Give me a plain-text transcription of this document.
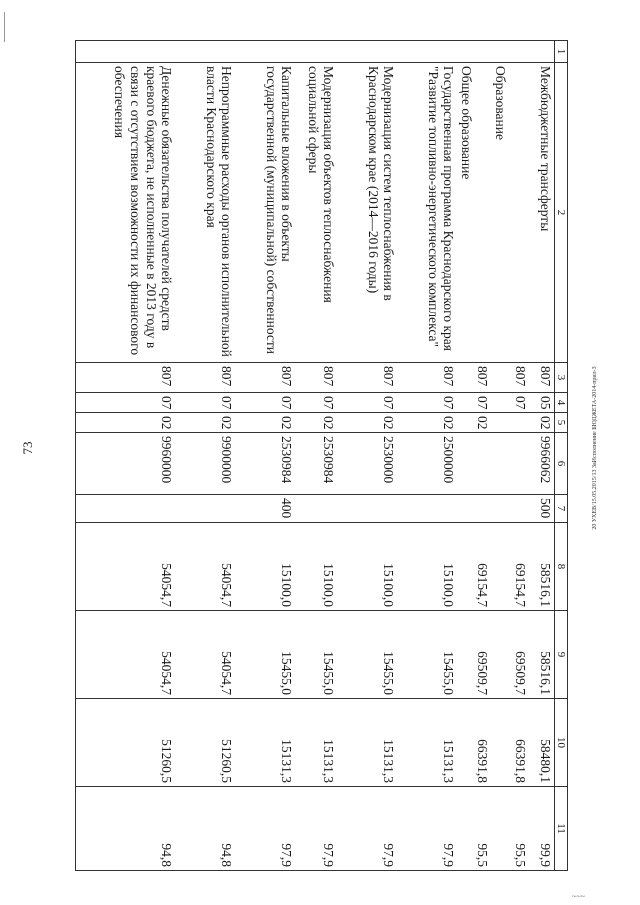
73	20 УХЕВ/15.05.2015/13 ЗаИсполнение БЮДЖЕТА-2014-прил-3
~~~
1	2	3	4	5	6	7	8	9	10	11
	Межбюджетные трансферты	807	05	02	9966062	500	58516,1	58516,1	58480,1	99,9
	Образование	807	07				69154,7	69509,7	66391,8	95,5
	Общее образование	807	07	02			69154,7	69509,7	66391,8	95,5
	Государственная программа Краснодарского края "Развитие топливно-энергетического комплекса"	807	07	02	2500000		15100,0	15455,0	15131,3	97,9
	Модернизация систем теплоснабжения в Краснодарском крае (2014—2016 годы)	807	07	02	2530000		15100,0	15455,0	15131,3	97,9
	Модернизация объектов теплоснабжения социальной сферы	807	07	02	2530984		15100,0	15455,0	15131,3	97,9
	Капитальные вложения в объекты государственной (муниципальной) собственности	807	07	02	2530984	400	15100,0	15455,0	15131,3	97,9
	Непрограммные расходы органов исполнительной власти Краснодарского края	807	07	02	9900000		54054,7	54054,7	51260,5	94,8
	Денежные обязательства получателей средств краевого бюджета, не исполненные в 2013 году в связи с отсутствием возможности их финансового обеспечения	807	07	02	9960000		54054,7	54054,7	51260,5	94,8
